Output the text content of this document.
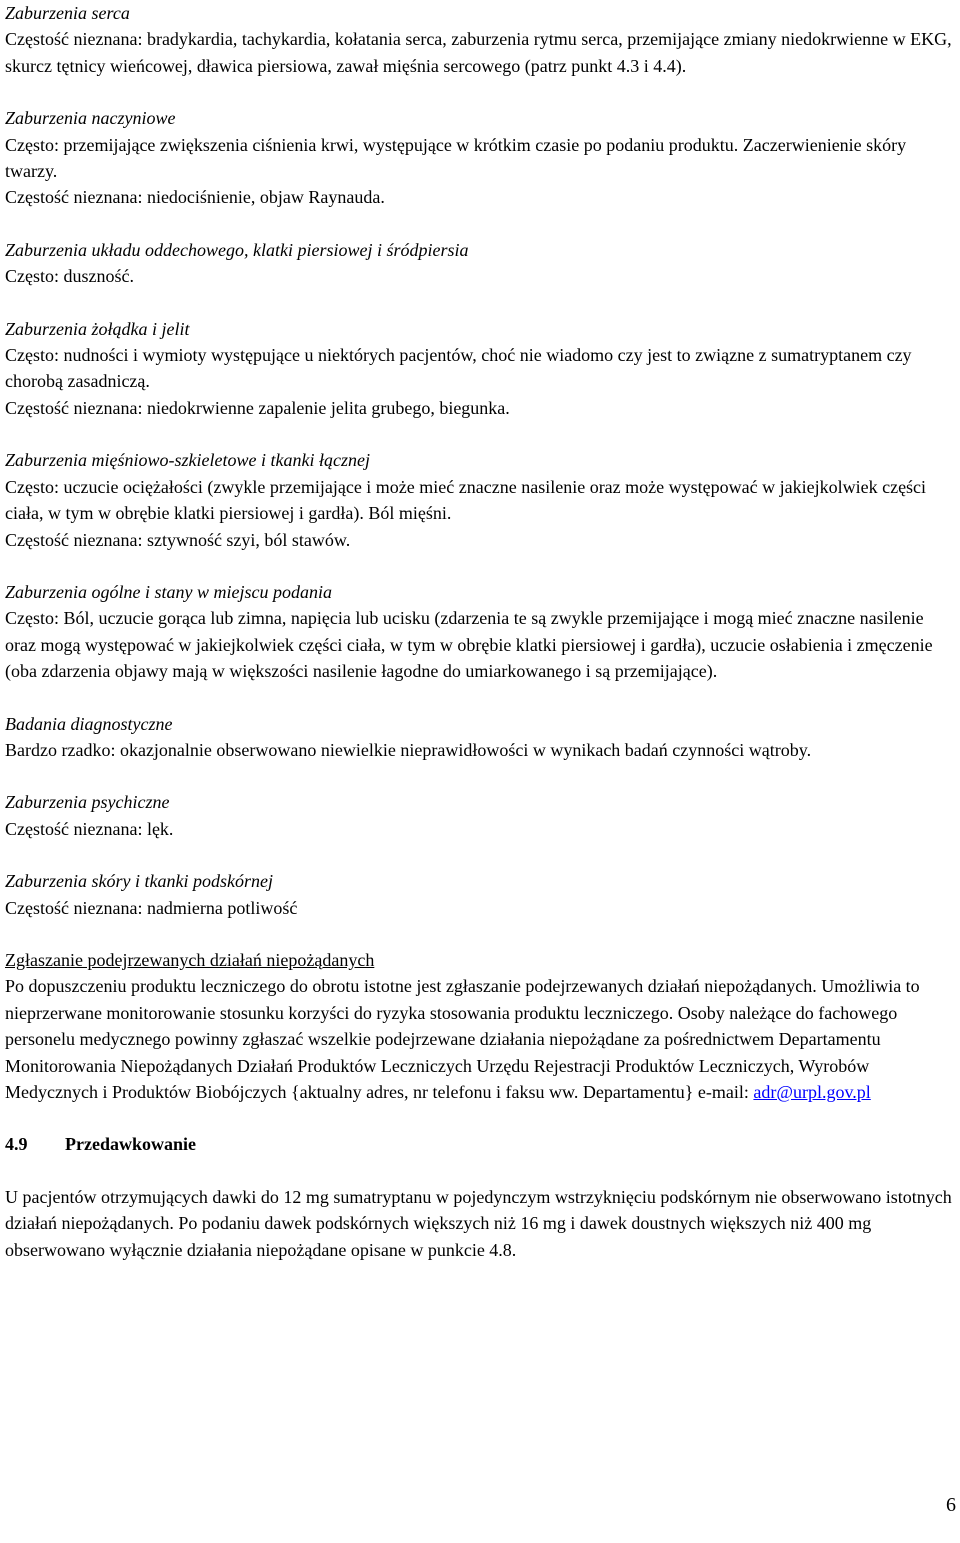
Zaburzenia serca

Częstość nieznana: bradykardia, tachykardia, kołatania serca, zaburzenia rytmu serca, przemijające zmiany niedokrwienne w EKG, skurcz tętnicy wieńcowej, dławica piersiowa, zawał mięśnia sercowego (patrz punkt 4.3 i 4.4).

Zaburzenia naczyniowe

Często: przemijające zwiększenia ciśnienia krwi, występujące w krótkim czasie po podaniu produktu. Zaczerwienienie skóry twarzy.

Częstość nieznana: niedociśnienie, objaw Raynauda.

Zaburzenia układu oddechowego, klatki piersiowej i śródpiersia

Często: duszność.

Zaburzenia żołądka i jelit

Często: nudności i wymioty występujące u niektórych pacjentów, choć nie wiadomo czy jest to związne z sumatryptanem czy chorobą zasadniczą.

Częstość nieznana: niedokrwienne zapalenie jelita grubego, biegunka.

Zaburzenia mięśniowo-szkieletowe i tkanki łącznej

Często: uczucie ociężałości (zwykle przemijające i może mieć znaczne nasilenie oraz może występować w jakiejkolwiek części ciała, w tym w obrębie klatki piersiowej i gardła). Ból mięśni.

Częstość nieznana: sztywność szyi, ból stawów.

Zaburzenia ogólne i stany w miejscu podania

Często: Ból, uczucie gorąca lub zimna, napięcia lub ucisku (zdarzenia te są zwykle przemijające i mogą mieć znaczne nasilenie oraz mogą występować w jakiejkolwiek części ciała, w tym w obrębie klatki piersiowej i gardła), uczucie osłabienia i zmęczenie (oba zdarzenia objawy mają w większości nasilenie łagodne do umiarkowanego i są przemijające).

Badania diagnostyczne

Bardzo rzadko: okazjonalnie obserwowano niewielkie nieprawidłowości w wynikach badań czynności wątroby.

Zaburzenia psychiczne

Częstość nieznana: lęk.

Zaburzenia skóry i tkanki podskórnej

Częstość nieznana: nadmierna potliwość

Zgłaszanie podejrzewanych działań niepożądanych

Po dopuszczeniu produktu leczniczego do obrotu istotne jest zgłaszanie podejrzewanych działań niepożądanych. Umożliwia to nieprzerwane monitorowanie stosunku korzyści do ryzyka stosowania produktu leczniczego. Osoby należące do fachowego personelu medycznego powinny zgłaszać wszelkie podejrzewane działania niepożądane za pośrednictwem Departamentu Monitorowania Niepożądanych Działań Produktów Leczniczych Urzędu Rejestracji Produktów Leczniczych, Wyrobów Medycznych i Produktów Biobójczych {aktualny adres, nr telefonu i faksu ww. Departamentu} e-mail: adr@urpl.gov.pl

4.9 Przedawkowanie

U pacjentów otrzymujących dawki do 12 mg sumatryptanu w pojedynczym wstrzyknięciu podskórnym nie obserwowano istotnych działań niepożądanych. Po podaniu dawek podskórnych większych niż 16 mg i dawek doustnych większych niż 400 mg obserwowano wyłącznie działania niepożądane opisane w punkcie 4.8.

6
